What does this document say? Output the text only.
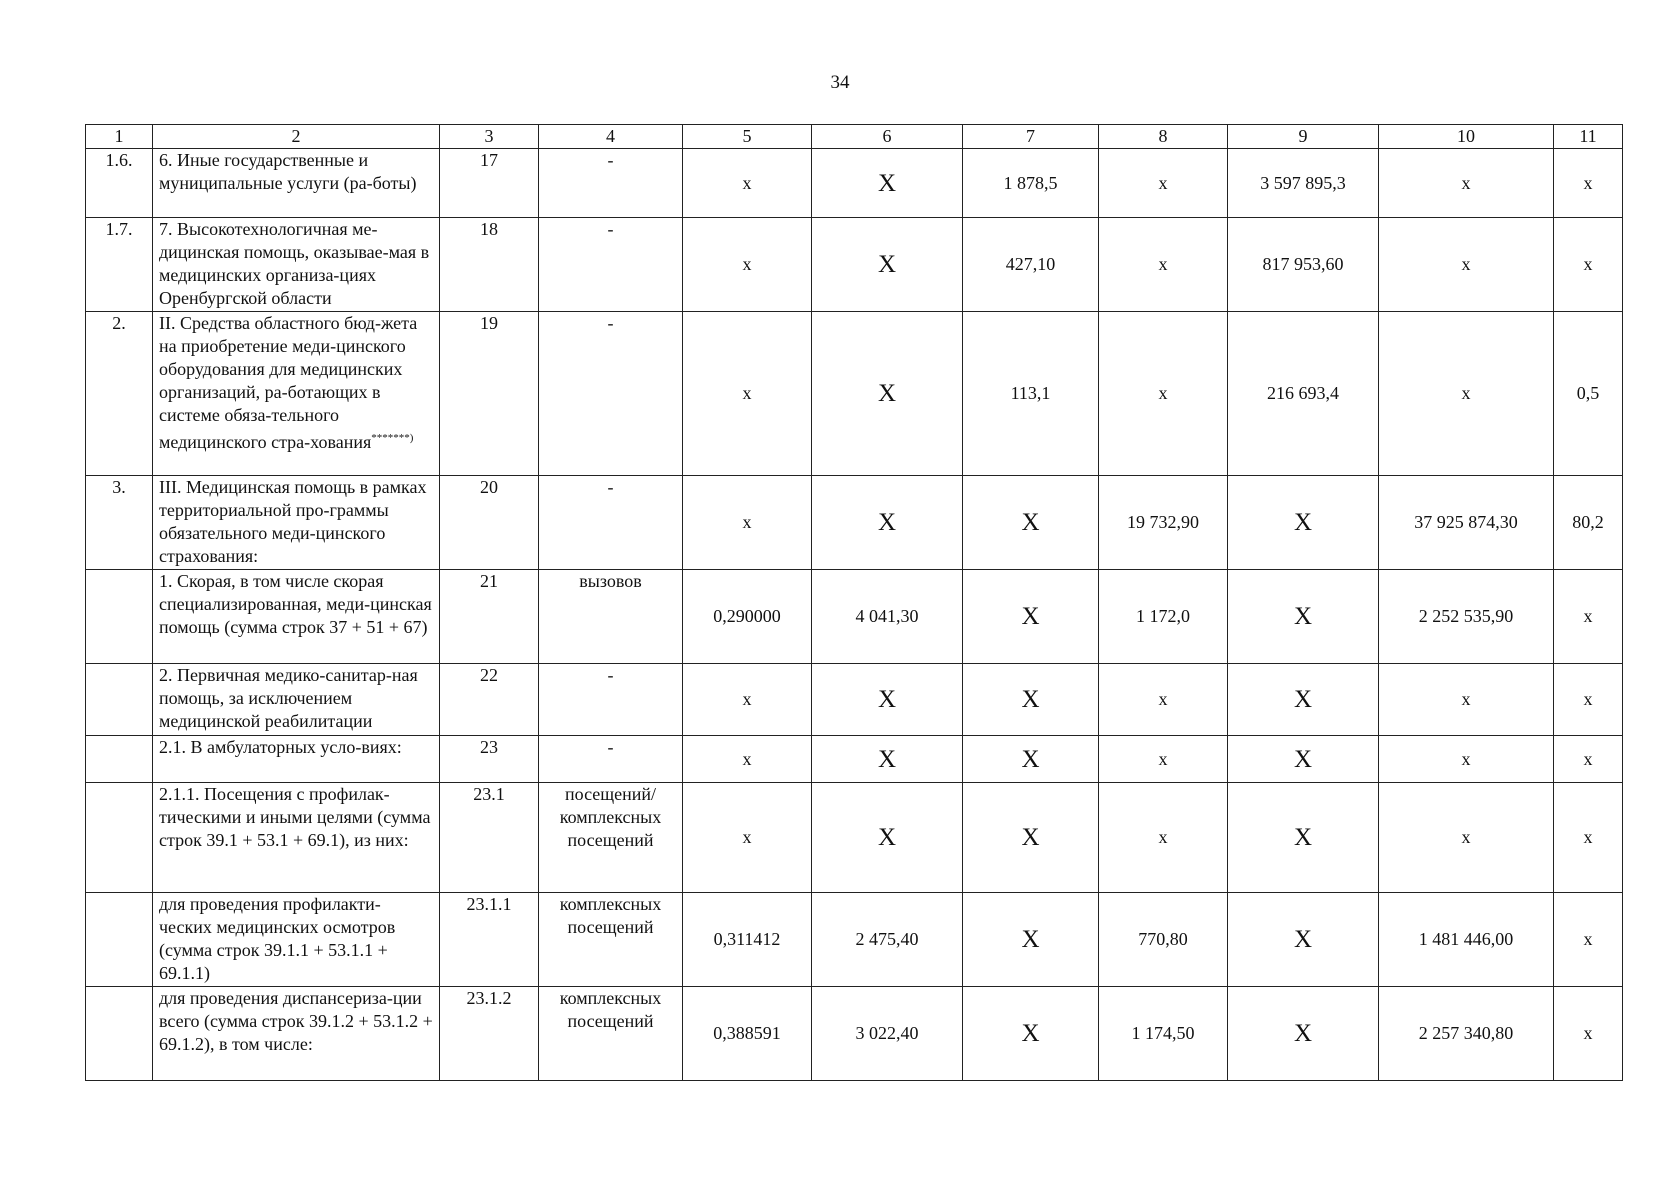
34
1	2	3	4	5	6	7	8	9	10	11
1.6.	6. Иные государственные и муниципальные услуги (ра-боты)	17	-	x	X	1 878,5	x	3 597 895,3	x	x
1.7.	7. Высокотехнологичная ме-дицинская помощь, оказывае-мая в медицинских организа-циях Оренбургской области	18	-	x	X	427,10	x	817 953,60	x	x
2.	II. Средства областного бюд-жета на приобретение меди-цинского оборудования для медицинских организаций, ра-ботающих в системе обяза-тельного медицинского стра-хования*******)	19	-	x	X	113,1	x	216 693,4	x	0,5
3.	III. Медицинская помощь в рамках территориальной про-граммы обязательного меди-цинского страхования:	20	-	x	X	X	19 732,90	X	37 925 874,30	80,2
	1. Скорая, в том числе скорая специализированная, меди-цинская помощь (сумма строк 37 + 51 + 67)	21	вызовов	0,290000	4 041,30	X	1 172,0	X	2 252 535,90	x
	2. Первичная медико-санитар-ная помощь, за исключением медицинской реабилитации	22	-	x	X	X	x	X	x	x
	2.1. В амбулаторных усло-виях:	23	-	x	X	X	x	X	x	x
	2.1.1. Посещения с профилак-тическими и иными целями (сумма строк 39.1 + 53.1 + 69.1), из них:	23.1	посещений/ комплексных посещений	x	X	X	x	X	x	x
	для проведения профилакти-ческих медицинских осмотров (сумма строк 39.1.1 + 53.1.1 + 69.1.1)	23.1.1	комплексных посещений	0,311412	2 475,40	X	770,80	X	1 481 446,00	x
	для проведения диспансериза-ции всего (сумма строк 39.1.2 + 53.1.2 + 69.1.2), в том числе:	23.1.2	комплексных посещений	0,388591	3 022,40	X	1 174,50	X	2 257 340,80	x
